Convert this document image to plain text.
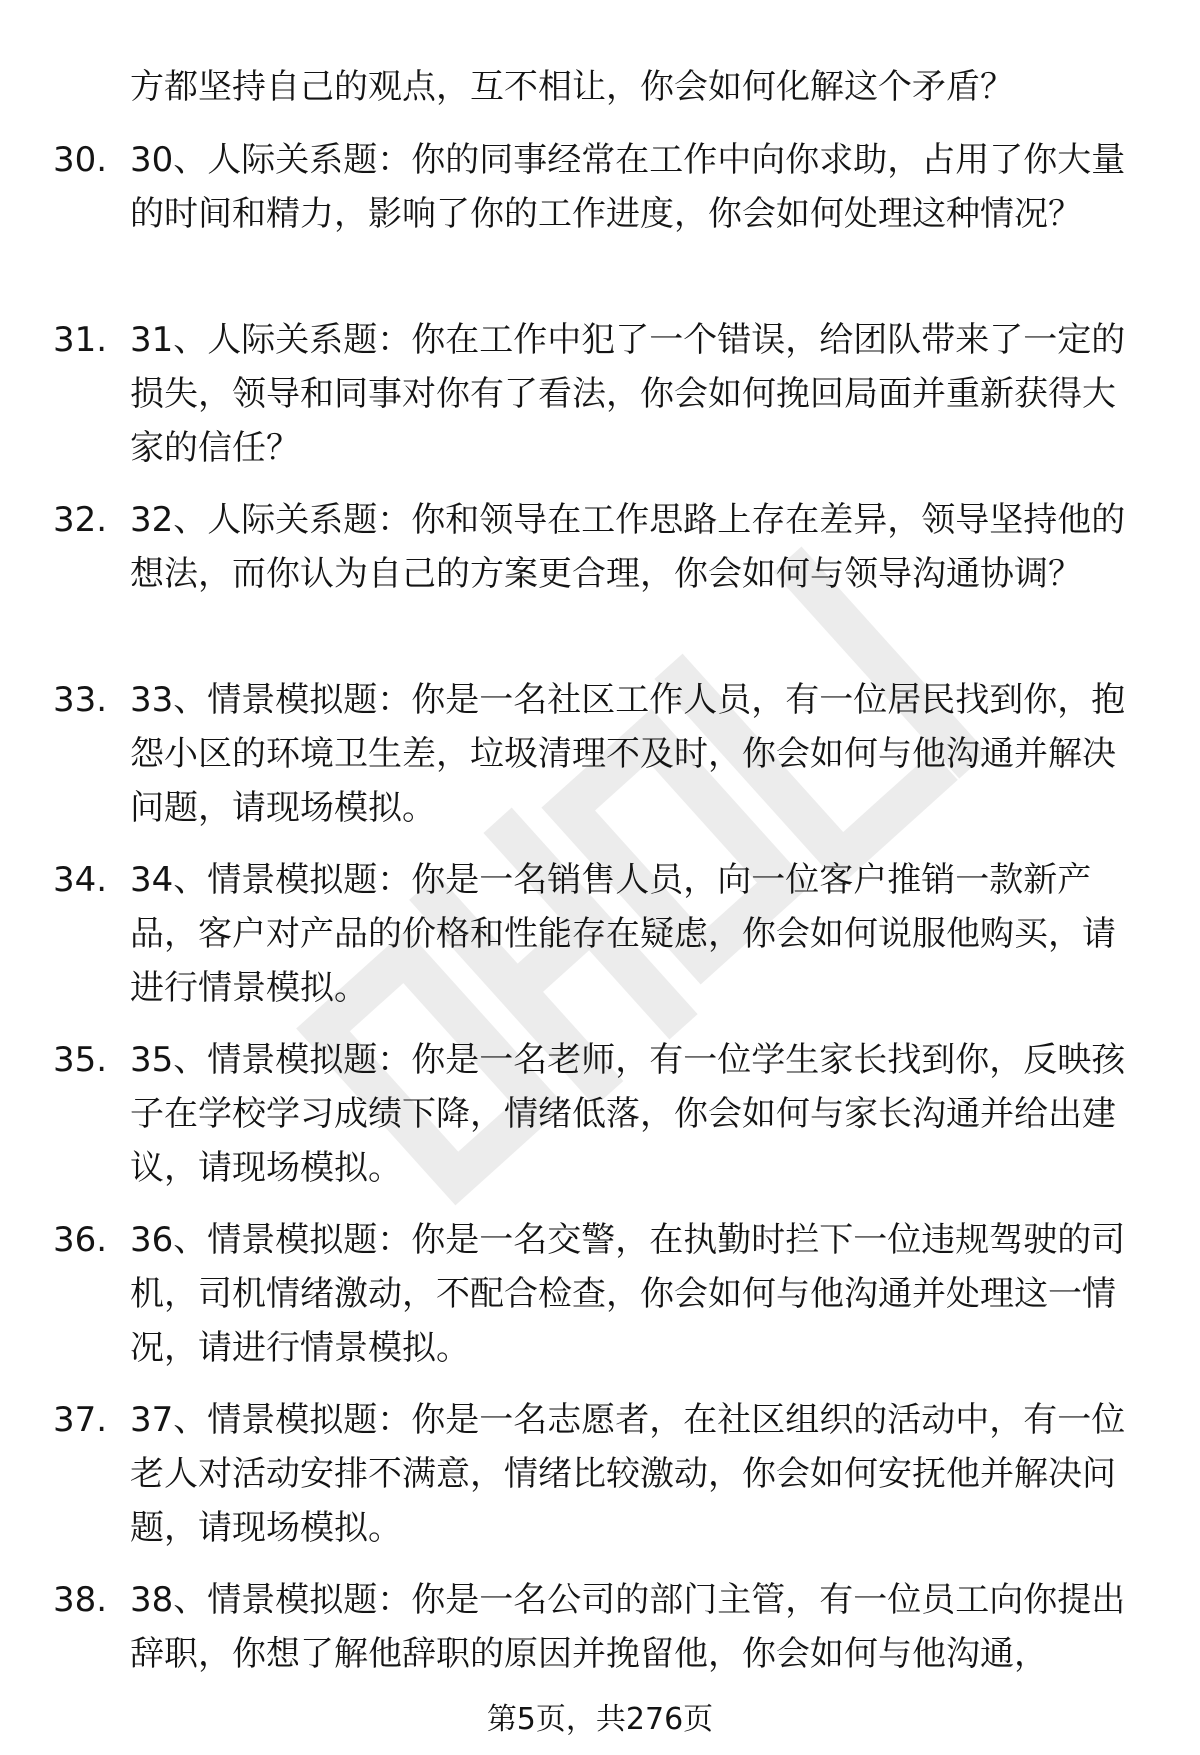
方都坚持自己的观点，互不相让，你会如何化解这个矛盾？
30. 30、人际关系题：你的同事经常在工作中向你求助，占用了你大量的时间和精力，影响了你的工作进度，你会如何处理这种情况？
31. 31、人际关系题：你在工作中犯了一个错误，给团队带来了一定的损失，领导和同事对你有了看法，你会如何挽回局面并重新获得大家的信任？
32. 32、人际关系题：你和领导在工作思路上存在差异，领导坚持他的想法，而你认为自己的方案更合理，你会如何与领导沟通协调？
33. 33、情景模拟题：你是一名社区工作人员，有一位居民找到你，抱怨小区的环境卫生差，垃圾清理不及时，你会如何与他沟通并解决问题，请现场模拟。
34. 34、情景模拟题：你是一名销售人员，向一位客户推销一款新产品，客户对产品的价格和性能存在疑虑，你会如何说服他购买，请进行情景模拟。
35. 35、情景模拟题：你是一名老师，有一位学生家长找到你，反映孩子在学校学习成绩下降，情绪低落，你会如何与家长沟通并给出建议，请现场模拟。
36. 36、情景模拟题：你是一名交警，在执勤时拦下一位违规驾驶的司机，司机情绪激动，不配合检查，你会如何与他沟通并处理这一情况，请进行情景模拟。
37. 37、情景模拟题：你是一名志愿者，在社区组织的活动中，有一位老人对活动安排不满意，情绪比较激动，你会如何安抚他并解决问题，请现场模拟。
38. 38、情景模拟题：你是一名公司的部门主管，有一位员工向你提出辞职，你想了解他辞职的原因并挽留他，你会如何与他沟通，
第5页，共276页
